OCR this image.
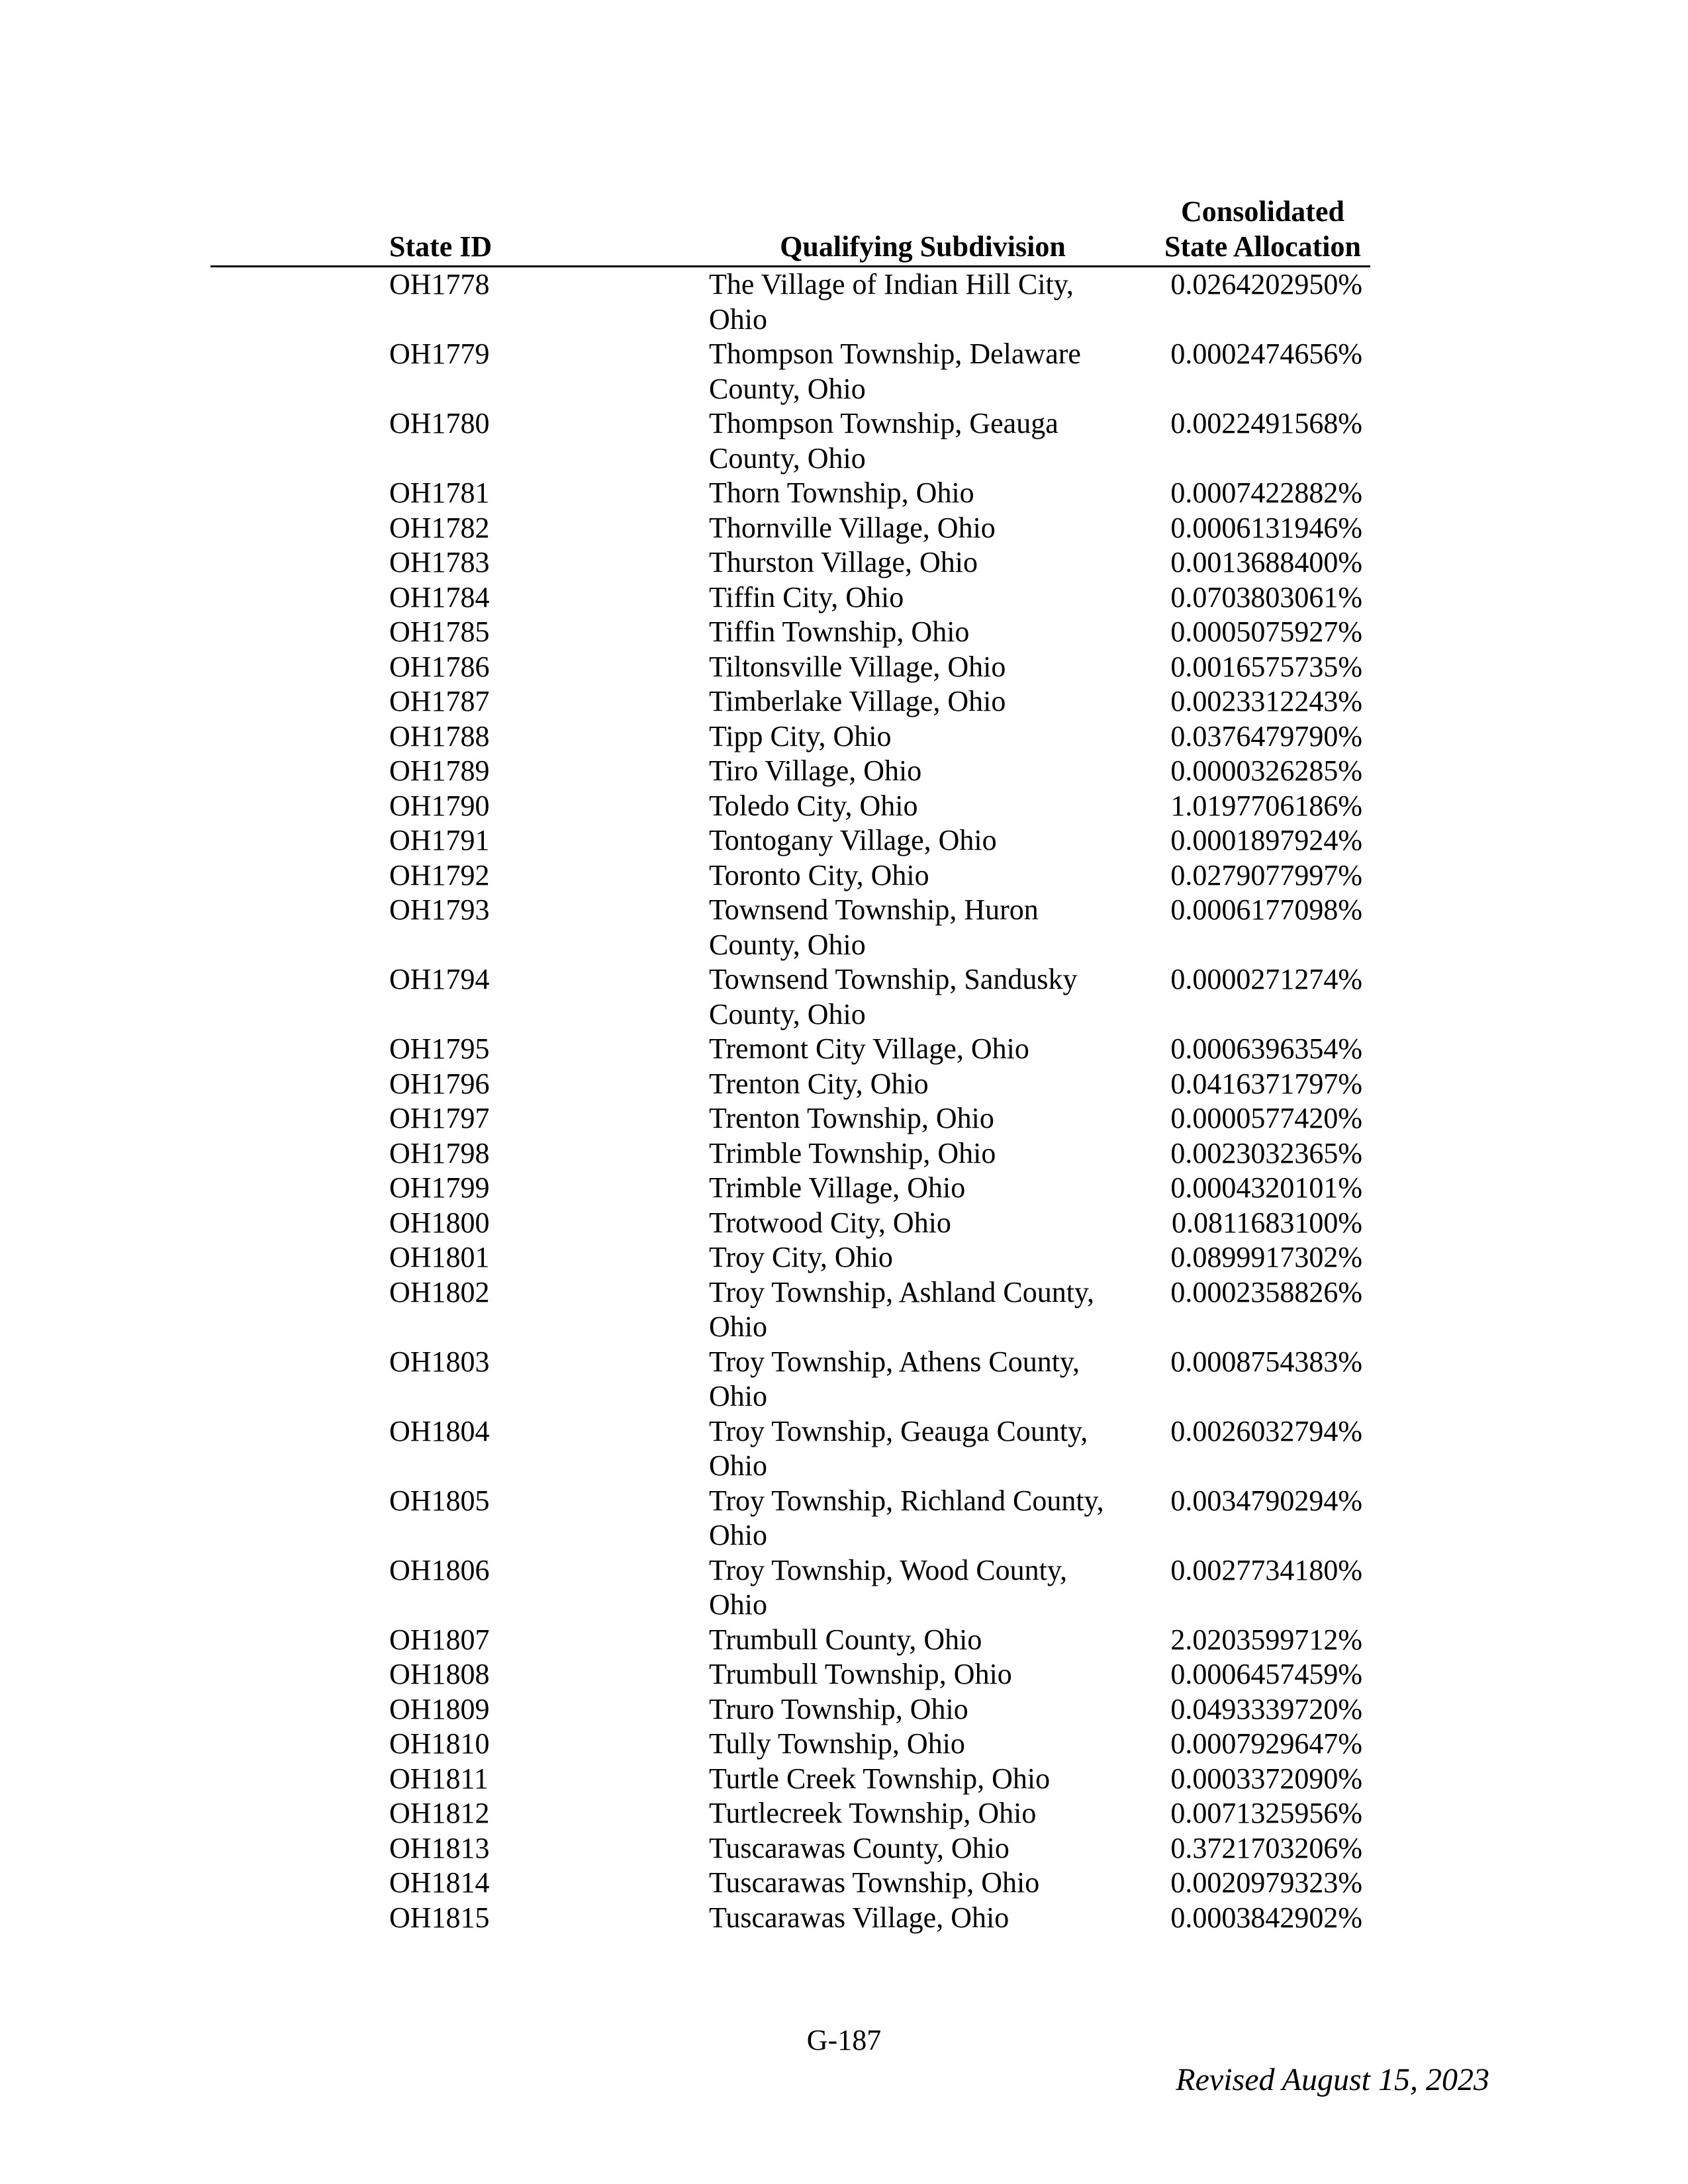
State ID	Qualifying Subdivision	Consolidated
State Allocation
OH1778	The Village of Indian Hill City, Ohio	0.0264202950%
OH1779	Thompson Township, Delaware County, Ohio	0.0002474656%
OH1780	Thompson Township, Geauga County, Ohio	0.0022491568%
OH1781	Thorn Township, Ohio	0.0007422882%
OH1782	Thornville Village, Ohio	0.0006131946%
OH1783	Thurston Village, Ohio	0.0013688400%
OH1784	Tiffin City, Ohio	0.0703803061%
OH1785	Tiffin Township, Ohio	0.0005075927%
OH1786	Tiltonsville Village, Ohio	0.0016575735%
OH1787	Timberlake Village, Ohio	0.0023312243%
OH1788	Tipp City, Ohio	0.0376479790%
OH1789	Tiro Village, Ohio	0.0000326285%
OH1790	Toledo City, Ohio	1.0197706186%
OH1791	Tontogany Village, Ohio	0.0001897924%
OH1792	Toronto City, Ohio	0.0279077997%
OH1793	Townsend Township, Huron County, Ohio	0.0006177098%
OH1794	Townsend Township, Sandusky County, Ohio	0.0000271274%
OH1795	Tremont City Village, Ohio	0.0006396354%
OH1796	Trenton City, Ohio	0.0416371797%
OH1797	Trenton Township, Ohio	0.0000577420%
OH1798	Trimble Township, Ohio	0.0023032365%
OH1799	Trimble Village, Ohio	0.0004320101%
OH1800	Trotwood City, Ohio	0.0811683100%
OH1801	Troy City, Ohio	0.0899917302%
OH1802	Troy Township, Ashland County, Ohio	0.0002358826%
OH1803	Troy Township, Athens County, Ohio	0.0008754383%
OH1804	Troy Township, Geauga County, Ohio	0.0026032794%
OH1805	Troy Township, Richland County, Ohio	0.0034790294%
OH1806	Troy Township, Wood County, Ohio	0.0027734180%
OH1807	Trumbull County, Ohio	2.0203599712%
OH1808	Trumbull Township, Ohio	0.0006457459%
OH1809	Truro Township, Ohio	0.0493339720%
OH1810	Tully Township, Ohio	0.0007929647%
OH1811	Turtle Creek Township, Ohio	0.0003372090%
OH1812	Turtlecreek Township, Ohio	0.0071325956%
OH1813	Tuscarawas County, Ohio	0.3721703206%
OH1814	Tuscarawas Township, Ohio	0.0020979323%
OH1815	Tuscarawas Village, Ohio	0.0003842902%
G-187
Revised August 15, 2023
